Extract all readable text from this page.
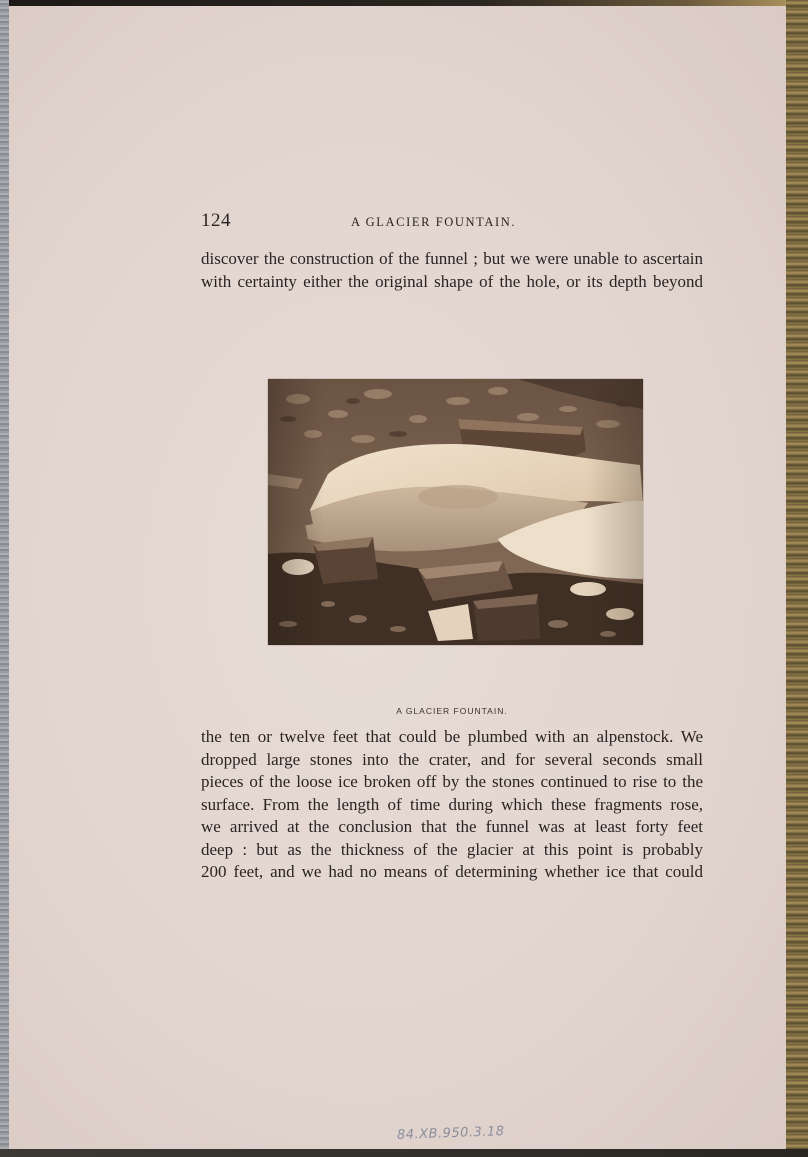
124	A GLACIER FOUNTAIN.
discover the construction of the funnel ; but we were unable to ascertain
with certainty either the original shape of the hole, or its depth beyond
A GLACIER FOUNTAIN.
the ten or twelve feet that could be plumbed with an alpenstock. We
dropped large stones into the crater, and for several seconds small
pieces of the loose ice broken off by the stones continued to rise to the
surface. From the length of time during which these fragments rose,
we arrived at the conclusion that the funnel was at least forty feet
deep : but as the thickness of the glacier at this point is probably
200 feet, and we had no means of determining whether ice that could
84.XB.950.3.18
